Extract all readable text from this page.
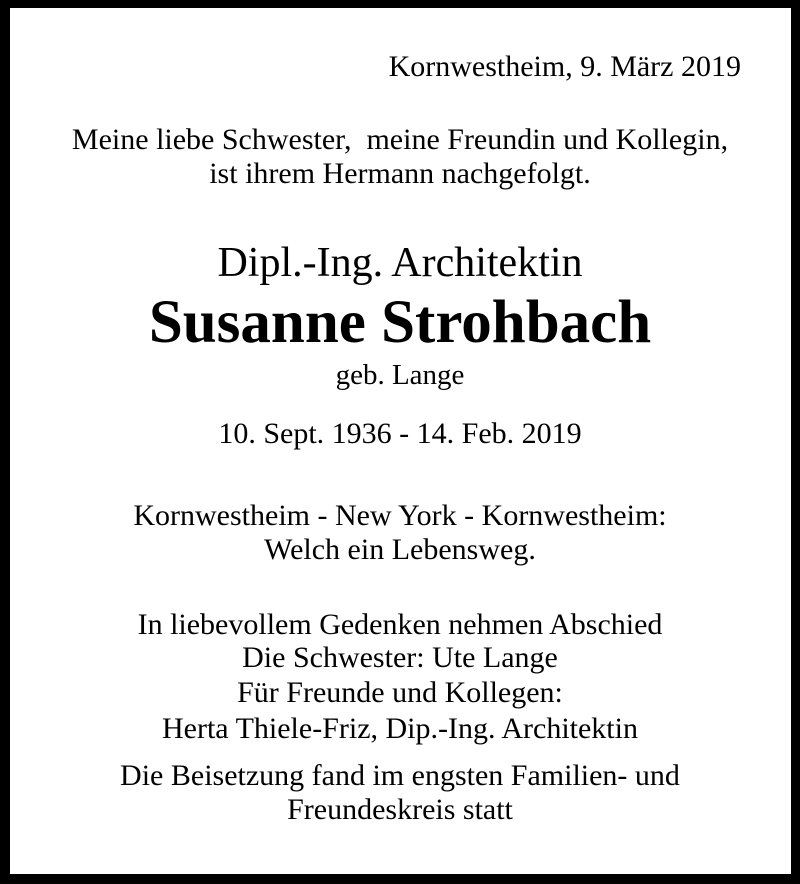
Kornwestheim, 9. März 2019
Meine liebe Schwester,  meine Freundin und Kollegin,
ist ihrem Hermann nachgefolgt.
Dipl.-Ing. Architektin
Susanne Strohbach
geb. Lange
10. Sept. 1936 - 14. Feb. 2019
Kornwestheim - New York - Kornwestheim:
Welch ein Lebensweg.
In liebevollem Gedenken nehmen Abschied
Die Schwester: Ute Lange
Für Freunde und Kollegen:
Herta Thiele-Friz, Dip.-Ing. Architektin
Die Beisetzung fand im engsten Familien- und
Freundeskreis statt
